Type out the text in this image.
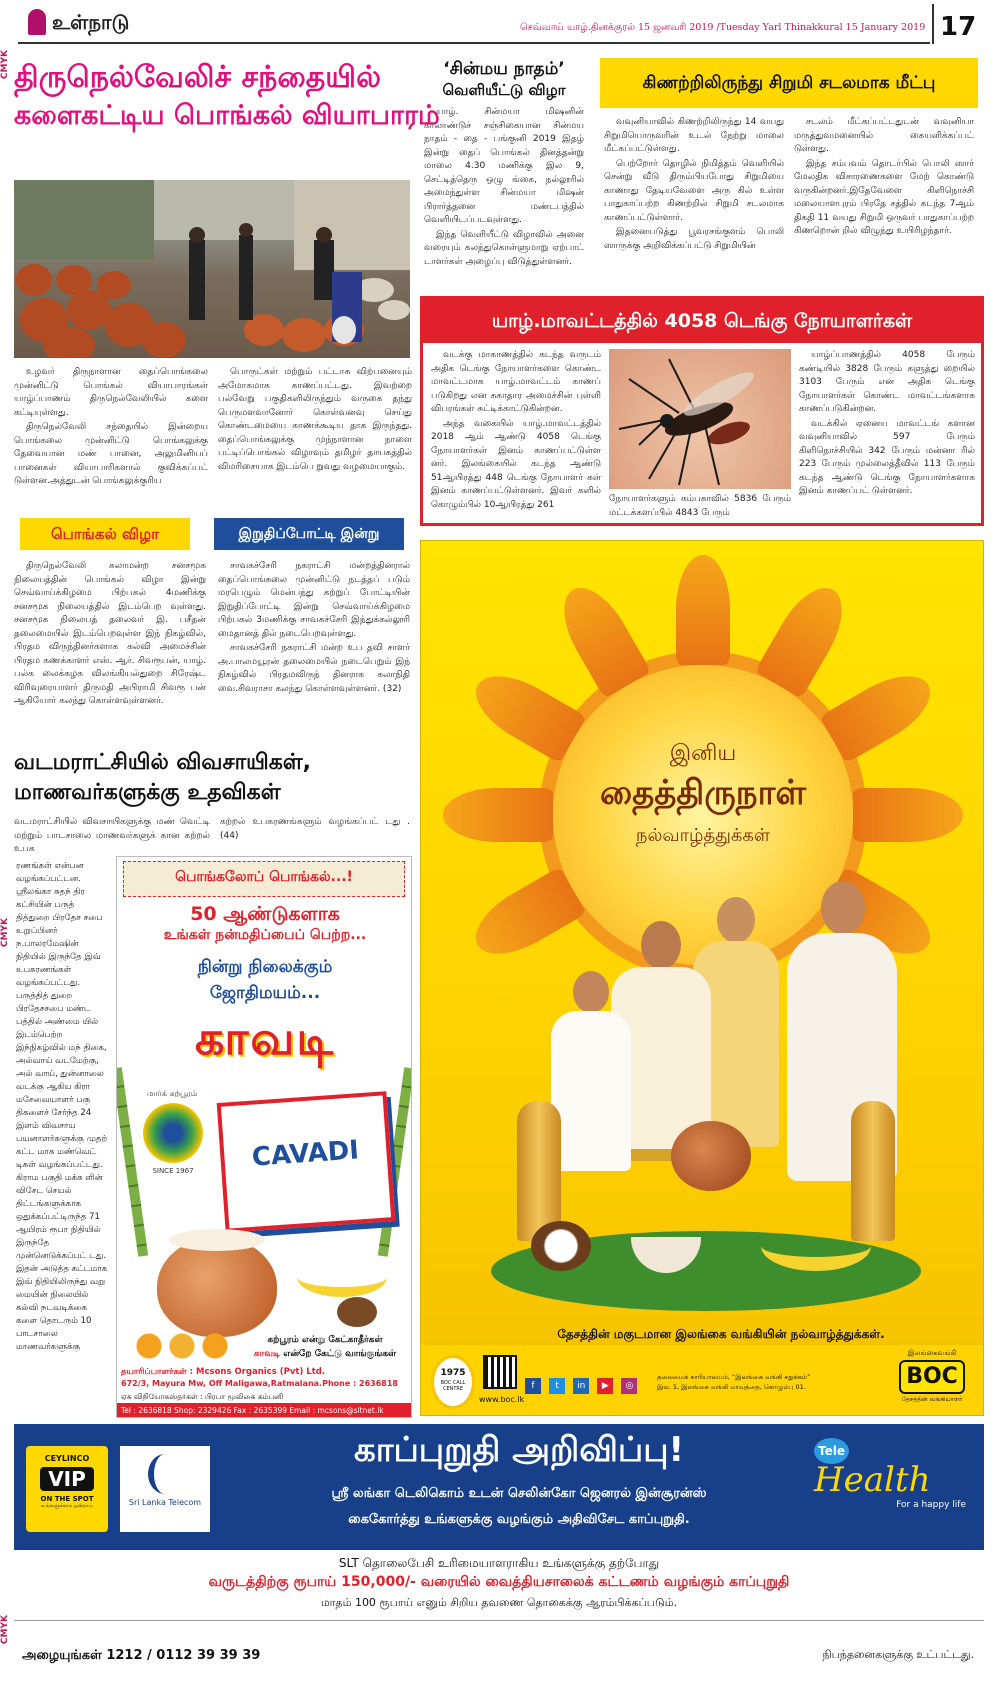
உள்நாடு	செவ்வாய் யாழ்.தினக்குரல் 15 ஜனவரி 2019 /Tuesday Yarl Thinakkural 15 January 2019 17
CMYK
CMYK
CMYK
திருநெல்வேலிச் சந்தையில்
களைகட்டிய பொங்கல் வியாபாரம்

உழவர் திருநாளான தைப்பொங்கலை முன்னிட்டு பொங்கல் வியாபாரங்கள் யாழ்ப்பாணம் திருநெல்வேலியில் களை கட்டியுள்ளது.

திருநெல்வேலி சந்தையில் இன்றைய பொங்கலை முன்னிட்டு பொங்கலுக்கு தேவையான மண் பானை, அலுமினியப் பானைகள் வியாபாரிகளால் குவிக்கப்பட் டுள்ளன.அத்துடன் பொங்கலுக்குரிய

பொருட்கள் மற்றும் பட்டாசு விற்பனையும் அமோகமாக காணப்பட்டது. இவற்றை பல்வேறு பகுதிகளிலிருந்தும் வருகை தந்து பெருமளவானோர் கொள்வனவு செய்து கொண்டமையை காணக்கூடிய தாக இருந்தது. தைப்பொங்கலுக்கு முந்நாளான நாளை பட்டிப்பொங்கல் விழாவும் தமிழர் தாயகத்தில் விமரிசையாக இடம்பெ றுவது வழமையாகும்.

‘சின்மய நாதம்’
வெளியீட்டு விழா

யாழ். சின்மயா மிஷனின் காலாண்டுச் சஞ்சிகையான சின்மய நாதம் - தை - பங்குனி 2019 இதழ் இன்று தைப் பொங்கல் தினத்தன்று மாலை 4.30 மணிக்கு இல 9, செட்டித்தெரு ஒழு ங்கை, நல்லூரில் அமைந்துள்ள சின்மயா மிஷன் பிரார்த்தனை மண்டபத்தில் வெளியிடப்படவுள்ளது.

இந்த வெளியீட்டு விழாவில் அனை வரையும் கலந்துகொள்ளுமாறு ஏற்பாட் டாளர்கள் அழைப்பு விடுத்துள்ளனர்.

கிணற்றிலிருந்து சிறுமி சடலமாக மீட்பு

வவுனியாவில் கிணற்றிலிருந்து 14 வயது சிறுமியொருவரின் உடல் நேற்று மாலை மீட்கப்பட்டுள்ளது.

பெற்றோர் தொழில் நிமித்தம் வெளியில் சென்று வீடு திரும்பியபோது சிறுமியை காணாது தேடியவேளை அரு கில் உள்ள பாதுகாப்பற்ற கிணற்றில் சிறுமி சடலமாக காணப்பட்டுள்ளார்.

இதனையடுத்து பூவரசங்குளம் பொலி ஸாருக்கு அறிவிக்கப்பட்டு சிறுமியின்

சடலம் மீட்கப்பட்டதுடன் வவுனியா மருத்துவமனையில் கையளிக்கப்பட் டுள்ளது.

இந்த சம்பவம் தொடர்பில் பொலி ஸார் மேலதிக விசாரணைகளை மேற் கொண்டு வருகின்றனர்.இதேவேளை கிளிநொச்சி மலையாளபுரம் பிரதே சத்தில் கடந்த 7ஆம் திகதி 11 வயது சிறுமி ஒருவர் பாதுகாப்பற்ற கிணறொன் றில் விழுந்து உயிரிழந்தார்.

யாழ்.மாவட்டத்தில் 4058 டெங்கு நோயாளர்கள்

வடக்கு மாகாணத்தில் கடந்த வருடம் அதிக டெங்கு நோயாளர்களை கொண்ட மாவட்டமாக யாழ்.மாவட்டம் காணப் படுகிறது என சுகாதார அமைச்சின் புள்ளி விபரங்கள் சுட்டிக்காட்டுகின்றன.

அந்த வகையில் யாழ்.மாவட்டத்தில் 2018 ஆம் ஆண்டு 4058 டெங்கு நோயாளர்கள் இனம் காணப்பட்டுள்ள னர். இலங்கையில் கடந்த ஆண்டு 51ஆயிரத்து 448 டெங்கு நோயாளர் கள் இனம் காணப்பட்டுள்ளனர். இவர் களில் கொழும்பில் 10ஆயிரத்து 261

நோயாளர்களும் கம்பகாவில் 5836 பேரும் மட்டக்களப்பில் 4843 பேரும்

யாழ்ப்பாணத்தில் 4058 பேரும் கண்டியில் 3828 பேரும் களுத்து றையில் 3103 பேரும் என அதிக டெங்கு நோயாளர்கள் கொண்ட மாவட்டங்களாக காணப்படுகின்றன.

வடக்கில் ஏனைய மாவட்டங் களான வவுனியாவில் 597 பேரும் கிளிநொச்சியில் 342 பேரும் மன்னா ரில் 223 பேரும் முல்லைத்தீவில் 113 பேரும் கடந்த ஆண்டு டெங்கு நோயாளர்களாக இனம் காணப்பட் டுள்ளனர்.

பொங்கல் விழா	இறுதிப்போட்டி இன்று

திருநெல்வேலி கலாமன்ற சனசமூக நிலையத்தின் பொங்கல் விழா இன்று செவ்வாய்க்கிழமை பிற்பகல் 4மணிக்கு சனசமூக நிலையத்தில் இடம்பெற வுள்ளது. சனசமூக நிலையத் தலைவர் இ. பசீதன் தலைமையில் இடம்பெறவுள்ள இந் நிகழ்வில், பிரதம விருந்தினர்களாக கல்வி அமைச்சின் பிரதம கணக்காளர் எஸ். ஆர். சிவரூபன், யாழ். பல்க லைக்கழக விலங்கியல்துறை சிரேஷ்ட விரிவுரையாளர் திருமதி அபிராமி சிவரூ பன் ஆகியோர் கலந்து கொள்ளவுள்ளனர்.

சாவகச்சேரி நகராட்சி மன்றத்தினரால் தைப்பொங்கலை முன்னிட்டு நடத்தப் படும் மரபெழும் மென்பந்து கற்றுப் போட்டியின் இறுதிப்போட்டி இன்று செவ்வாய்க்கிழமை பிற்பகல் 3மணிக்கு சாவகச்சேரி இந்துக்கல்லூரி மைதானத் தில் நடைபெறவுள்ளது.

சாவகச்சேரி நகராட்சி மன்ற உப தவி சாளர் அ.பாலமயூரன் தலைமையில் நடைபெறும் இந் நிகழ்வில் பிரதமவிருந் தினராக கலாநிதி வை.சிவராசா கலந்து கொள்ளவுள்ளனர். (32)

வடமராட்சியில் விவசாயிகள்,
மாணவர்களுக்கு உதவிகள்
வடமராட்சியில் விவசாயிகளுக்கு மண் வெட்டி மற்றும் பாடசாலை மாணவர்களுக் கான கற்றல் உபக
கற்றல் உபகரணங்களும் வழங்கப்பட் டது .(44)
ரணங்கள் என்பன வழங்கப்பட்டன. ஸ்ரீலங்கா சுதந் திர கட்சியின் பருத் தித்துறை பிரதேச சபை உறுப்பினர் ந.பாலரமேஷின் நிதியில் இருந்தே இவ் உபகரணங்கள் வழங்கப்பட்டது. பருத்தித் துறை பிரதேசசபை மண்ட பத்தில் அண்மை யில் இடம்பெற்ற இந்நிகழ்வில் மந் திகை, அல்வாய் வடமேற்கு, அல் வாய், துன்னாலை வடக்கு ஆகிய கிரா மசேவையாளர் பகு திகளைச் சேர்ந்த 24 இளம் விவசாய பயனாளர்களுக்கு முதற் கட்ட மாக மண்வெட் டிகள் வழங்கப்பட்டது. கிராம பகுதி மக்க ளின் விசேட செயல் திட்டங்களுக்காக ஒதுக்கப்பட்டிருந்த 71 ஆயிரம் ரூபா நிதியில் இருந்தே முன்னெடுக்கப்பட் டது. இதன் அடுத்த கட்டமாக இவ் நிதியிலிருந்து வறு மையின் நிலையில் கல்வி நடவடிக்கை களை தொடரும் 10 பாடசாலை மாணவர்களுக்கு
பொங்கலோப் பொங்கல்...!
50 ஆண்டுகளாக
உங்கள் நன்மதிப்பைப் பெற்ற...
நின்று நிலைக்கும்
ஜோதிமயம்...
காவடி
மார்க் கற்பூரம்
SINCE 1967	CAVADI
கற்பூரம் என்று கேட்காதீர்கள்
காவடி என்றே கேட்டு வாங்குங்கள்
தயாரிப்பாளர்கள் : Mcsons Organics (Pvt) Ltd.
672/3, Mayura Mw, Off Maligawa,Ratmalana.Phone : 2636818
ஏக விநியோகஸ்தர்கள் : பிரபா மூலிகை கம்பனி
Tel : 2636818 Shop: 2329426 Fax : 2635399 Email : mcsons@sltnet.lk
இனிய
தைத்திருநாள்
நல்வாழ்த்துக்கள்
தேசத்தின் மகுடமான இலங்கை வங்கியின் நல்வாழ்த்துக்கள்.
1975
BOC CALL CENTRE
www.boc.lk
f t in ▶ ◎
தலைமைக் காரியாலயம், “இலங்கை வங்கி சதுக்கம்”
இல. 1, இலங்கை வங்கி மாவத்தை, கொழும்பு 01.
இலங்கைவங்கி
BOC
தேசத்தின் வங்கியாளர்
CEYLINCO
VIP
ON THE SPOT
உங்களுக்காக ஒன்றாய்	Sri Lanka Telecom
காப்புறுதி அறிவிப்பு!
ஸ்ரீ லங்கா டெலிகொம் உடன் செலின்கோ ஜெனரல் இன்சூரன்ஸ்
கைகோர்த்து உங்களுக்கு வழங்கும் அதிவிசேட காப்புறுதி.
Tele
Health
For a happy life
SLT தொலைபேசி உரிமையாளராகிய உங்களுக்கு தற்போது
வருடத்திற்கு ரூபாய் 150,000/- வரையில் வைத்தியசாலைக் கட்டணம் வழங்கும் காப்புறுதி
மாதம் 100 ரூபாய் எனும் சிறிய தவணை தொகைக்கு ஆரம்பிக்கப்படும்.
அழையுங்கள் 1212 / 0112 39 39 39	நிபந்தனைகளுக்கு உட்பட்டது.
